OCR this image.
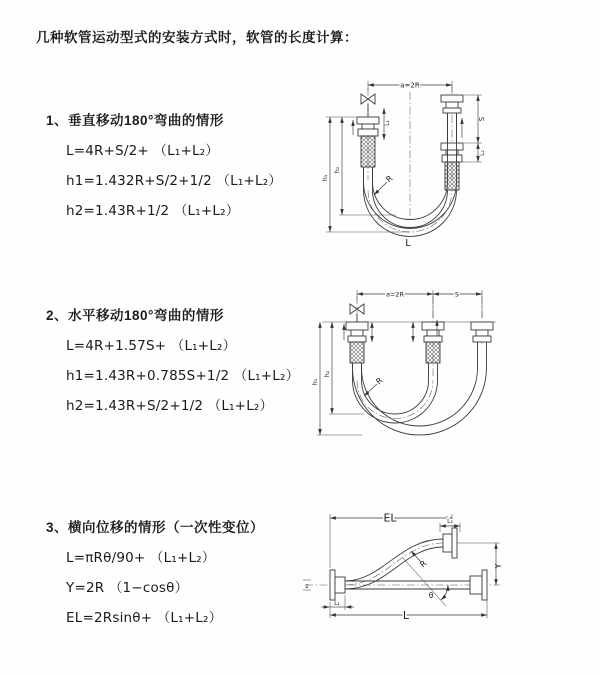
几种软管运动型式的安装方式时，软管的长度计算：
1、垂直移动180°弯曲的情形

L=4R+S/2+ （L₁+L₂）

h1=1.432R+S/2+1/2 （L₁+L₂）

h2=1.43R+1/2 （L₁+L₂）

2、水平移动180°弯曲的情形

L=4R+1.57S+ （L₁+L₂）

h1=1.43R+0.785S+1/2 （L₁+L₂）

h2=1.43R+S/2+1/2 （L₁+L₂）

3、横向位移的情形（一次性变位）

L=πRθ/90+ （L₁+L₂）

Y=2R （1−cosθ）

EL=2Rsinθ+ （L₁+L₂）

a=2R
h₁
h₂
L₁
S
L₂
R
L
a=2R	S
h₁
h₂
R
θ
EL	L₂
Y
L
L₁
z
R
